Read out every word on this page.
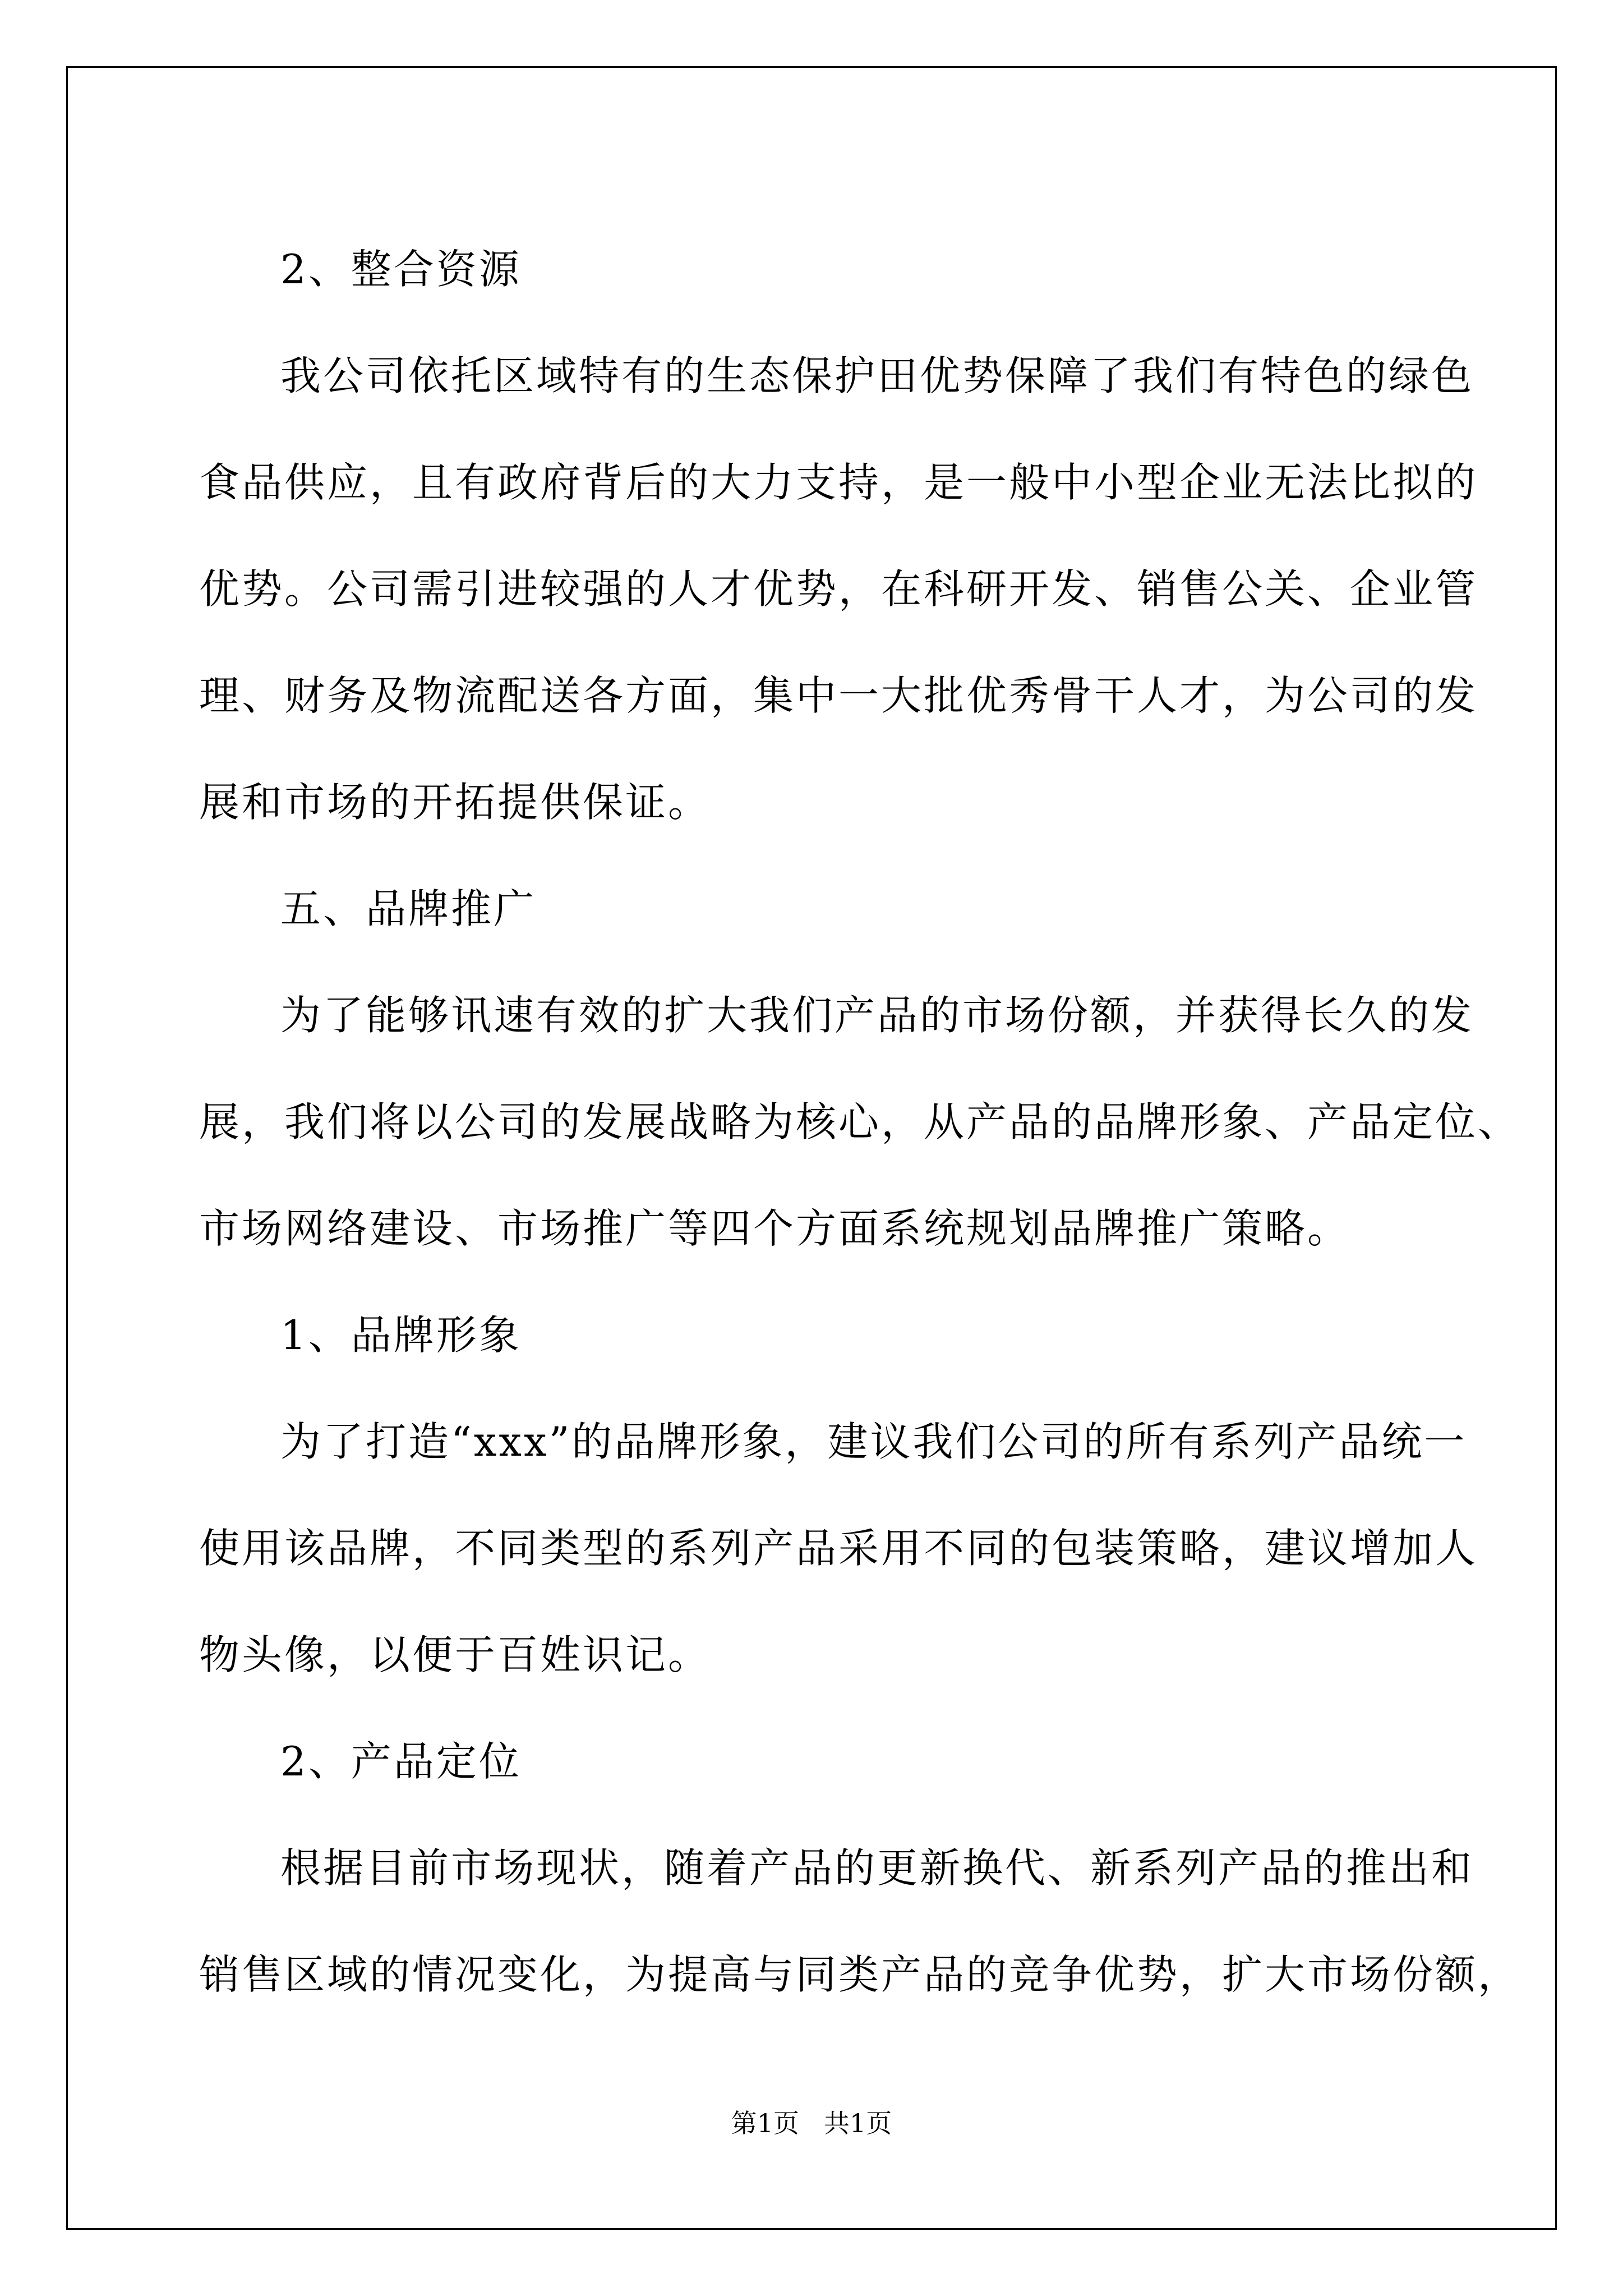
2、整合资源

我公司依托区域特有的生态保护田优势保障了我们有特色的绿色
食品供应，且有政府背后的大力支持，是一般中小型企业无法比拟的
优势。公司需引进较强的人才优势，在科研开发、销售公关、企业管
理、财务及物流配送各方面，集中一大批优秀骨干人才，为公司的发
展和市场的开拓提供保证。

五、品牌推广

为了能够讯速有效的扩大我们产品的市场份额，并获得长久的发
展，我们将以公司的发展战略为核心，从产品的品牌形象、产品定位、
市场网络建设、市场推广等四个方面系统规划品牌推广策略。

1、品牌形象

为了打造“xxx”的品牌形象，建议我们公司的所有系列产品统一
使用该品牌，不同类型的系列产品采用不同的包装策略，建议增加人
物头像，以便于百姓识记。

2、产品定位

根据目前市场现状，随着产品的更新换代、新系列产品的推出和
销售区域的情况变化，为提高与同类产品的竞争优势，扩大市场份额，

第1页 共1页
